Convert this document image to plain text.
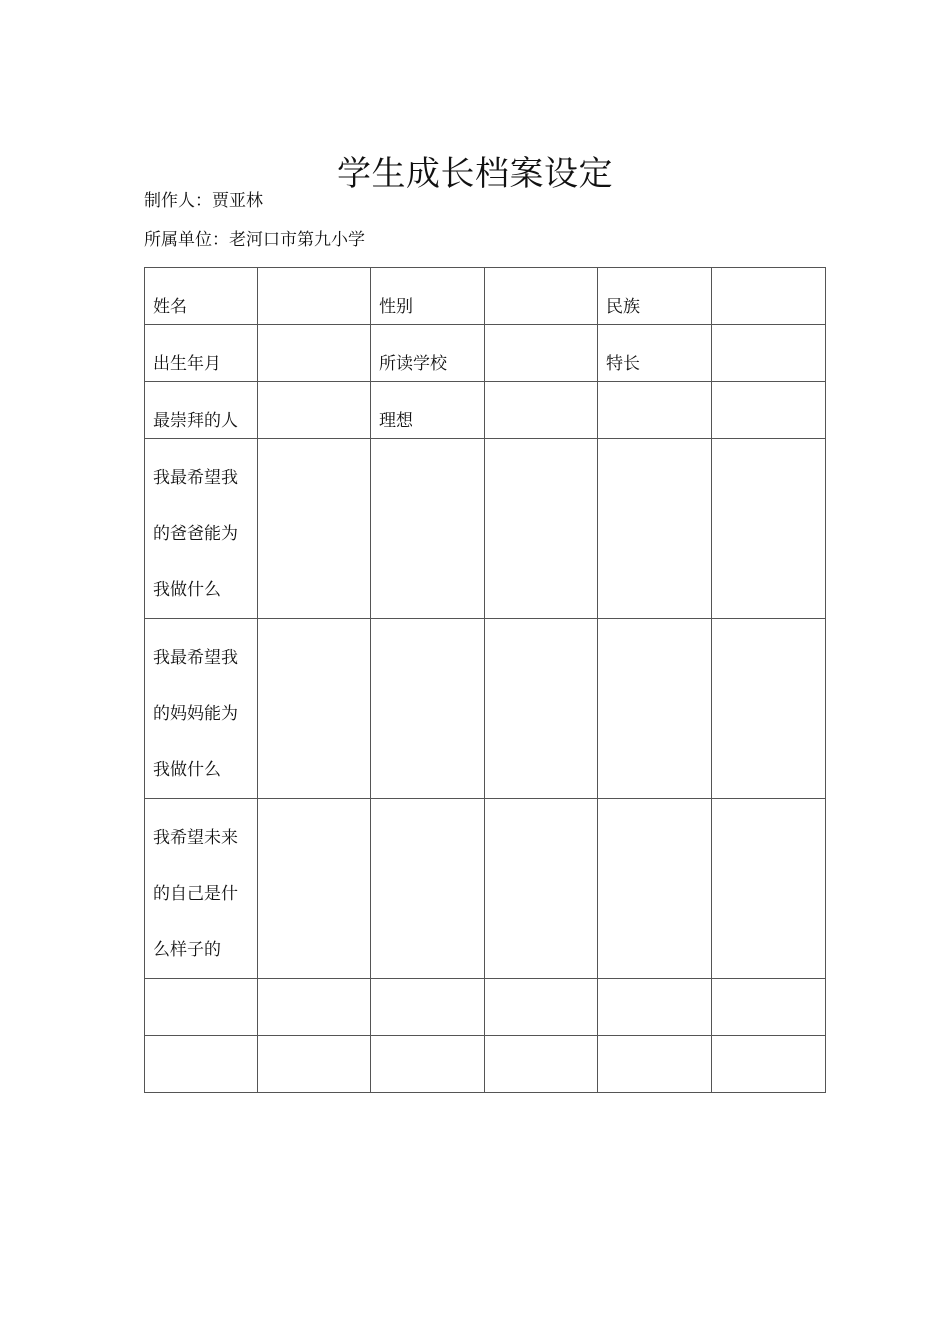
学生成长档案设定
制作人：贾亚林
所属单位：老河口市第九小学
姓名		性别		民族	
出生年月		所读学校		特长	
最崇拜的人		理想			

我最希望我的爸爸能为我做什么					

我最希望我的妈妈能为我做什么					

我希望未来的自己是什么样子的					
